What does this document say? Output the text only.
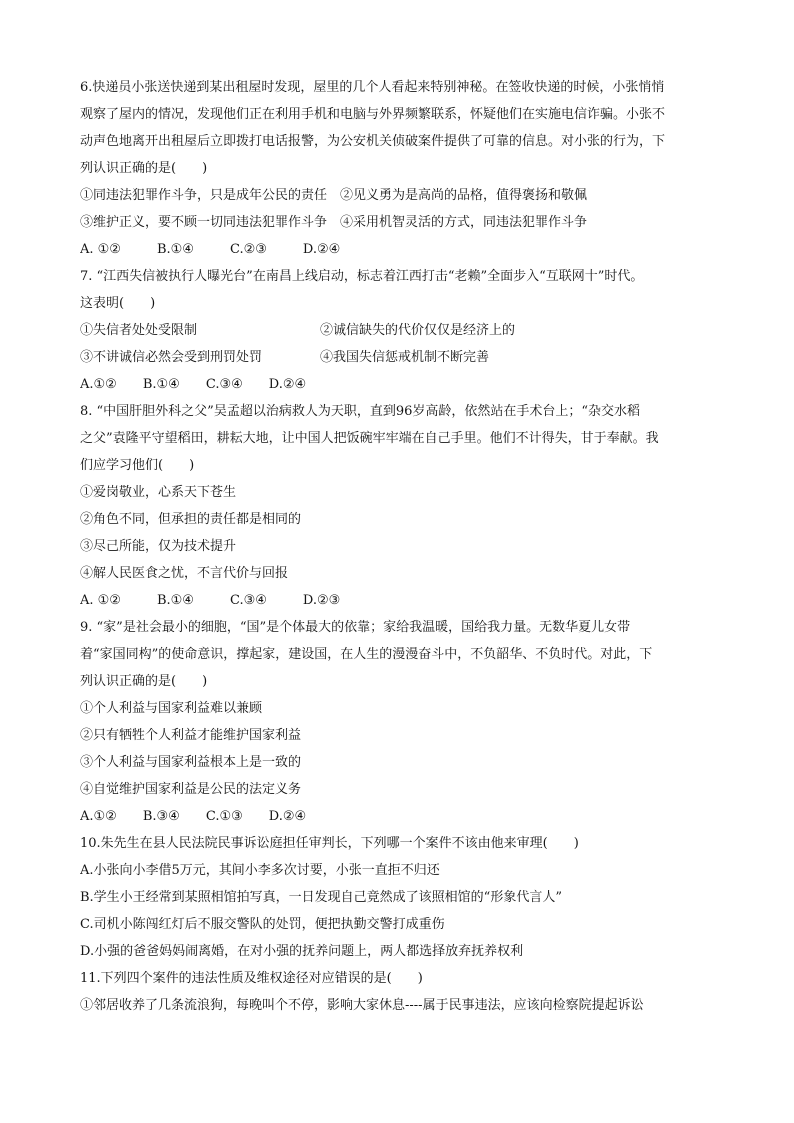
6.快递员小张送快递到某出租屋时发现，屋里的几个人看起来特别神秘。在签收快递的时候，小张悄悄
观察了屋内的情况，发现他们正在利用手机和电脑与外界频繁联系，怀疑他们在实施电信诈骗。小张不
动声色地离开出租屋后立即拨打电话报警，为公安机关侦破案件提供了可靠的信息。对小张的行为，下
列认识正确的是(　　)
①同违法犯罪作斗争，只是成年公民的责任　②见义勇为是高尚的品格，值得褒扬和敬佩
③维护正义，要不顾一切同违法犯罪作斗争　④采用机智灵活的方式，同违法犯罪作斗争
A. ①②	B.①④	C.②③	D.②④
7. “江西失信被执行人曝光台”在南昌上线启动，标志着江西打击“老赖”全面步入“互联网十”时代。
这表明(　　)
①失信者处处受限制	②诚信缺失的代价仅仅是经济上的
③不讲诚信必然会受到刑罚处罚	④我国失信惩戒机制不断完善
A.①② B.①④ C.③④ D.②④
8. “中国肝胆外科之父”吴孟超以治病救人为天职，直到96岁高龄，依然站在手术台上；“杂交水稻
之父”袁隆平守望稻田，耕耘大地，让中国人把饭碗牢牢端在自己手里。他们不计得失，甘于奉献。我
们应学习他们(　　)
①爱岗敬业，心系天下苍生
②角色不同，但承担的责任都是相同的
③尽己所能，仅为技术提升
④解人民医食之忧，不言代价与回报
A. ①②	B.①④	C.③④	D.②③
9. “家”是社会最小的细胞，“国”是个体最大的依靠；家给我温暖，国给我力量。无数华夏儿女带
着“家国同构”的使命意识，撑起家，建设国，在人生的漫漫奋斗中，不负韶华、不负时代。对此，下
列认识正确的是(　　)
①个人利益与国家利益难以兼顾
②只有牺牲个人利益才能维护国家利益
③个人利益与国家利益根本上是一致的
④自觉维护国家利益是公民的法定义务
A.①② B.③④ C.①③ D.②④
10.朱先生在县人民法院民事诉讼庭担任审判长，下列哪一个案件不该由他来审理(　　)
A.小张向小李借5万元，其间小李多次讨要，小张一直拒不归还
B.学生小王经常到某照相馆拍写真，一日发现自己竟然成了该照相馆的“形象代言人”
C.司机小陈闯红灯后不服交警队的处罚，便把执勤交警打成重伤
D.小强的爸爸妈妈闹离婚，在对小强的抚养问题上，两人都选择放弃抚养权利
11.下列四个案件的违法性质及维权途径对应错误的是(　　)
①邻居收养了几条流浪狗，每晚叫个不停，影响大家休息----属于民事违法，应该向检察院提起诉讼
